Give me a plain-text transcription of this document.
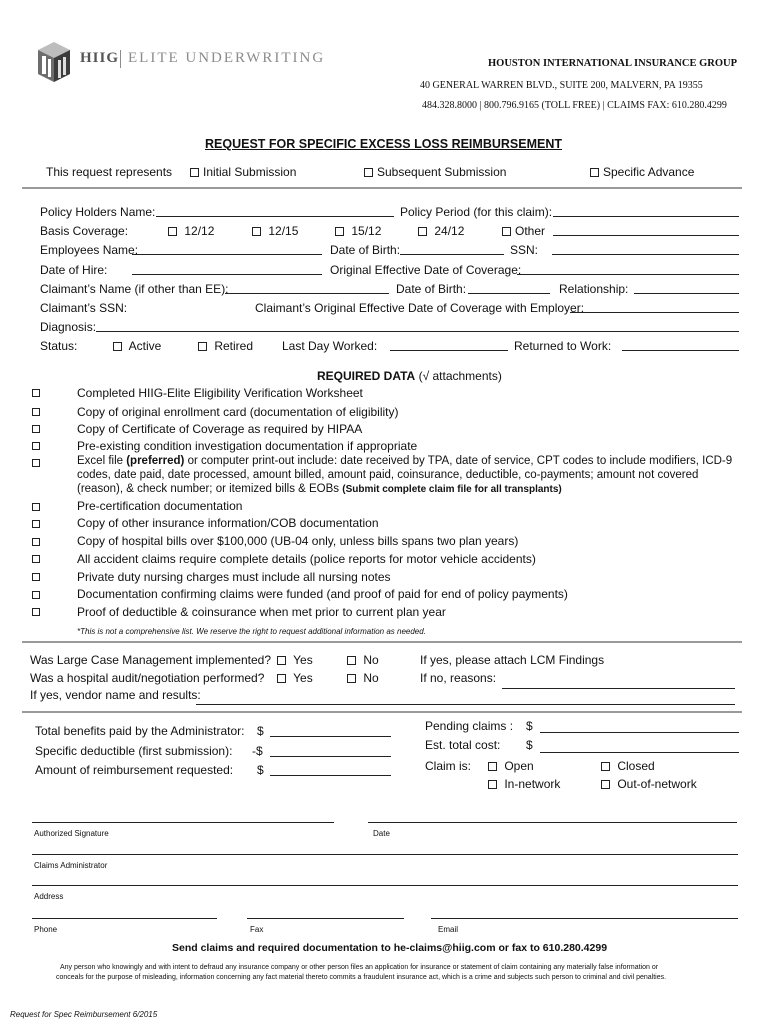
HIIG ELITE UNDERWRITING	HOUSTON INTERNATIONAL INSURANCE GROUP
40 GENERAL WARREN BLVD., SUITE 200, MALVERN, PA 19355
484.328.8000 | 800.796.9165 (TOLL FREE) | CLAIMS FAX: 610.280.4299
REQUEST FOR SPECIFIC EXCESS LOSS REIMBURSEMENT
This request represents	Initial Submission	Subsequent Submission	Specific Advance
Policy Holders Name:	Policy Period (for this claim):
Basis Coverage:	12/12	12/15	15/12	24/12	Other
Employees Name:	Date of Birth:	SSN:
Date of Hire:	Original Effective Date of Coverage:
Claimant’s Name (if other than EE):	Date of Birth:	Relationship:
Claimant’s SSN:	Claimant’s Original Effective Date of Coverage with Employer:
Diagnosis:
Status:	Active	Retired Last Day Worked:	Returned to Work:
REQUIRED DATA (√ attachments)
Completed HIIG-Elite Eligibility Verification Worksheet
Copy of original enrollment card (documentation of eligibility)
Copy of Certificate of Coverage as required by HIPAA
Pre-existing condition investigation documentation if appropriate
Excel file (preferred) or computer print-out include: date received by TPA, date of service, CPT codes to include modifiers, ICD-9
codes, date paid, date processed, amount billed, amount paid, coinsurance, deductible, co-payments; amount not covered
(reason), & check number; or itemized bills & EOBs (Submit complete claim file for all transplants)
Pre-certification documentation
Copy of other insurance information/COB documentation
Copy of hospital bills over $100,000 (UB-04 only, unless bills spans two plan years)
All accident claims require complete details (police reports for motor vehicle accidents)
Private duty nursing charges must include all nursing notes
Documentation confirming claims were funded (and proof of paid for end of policy payments)
Proof of deductible & coinsurance when met prior to current plan year
*This is not a comprehensive list. We reserve the right to request additional information as needed.
Was Large Case Management implemented?	Yes	No	If yes, please attach LCM Findings
Was a hospital audit/negotiation performed?	Yes	No	If no, reasons:
If yes, vendor name and results:
Total benefits paid by the Administrator: $
Specific deductible (first submission): -$
Amount of reimbursement requested: $
Pending claims : $
Est. total cost: $
Claim is:	Open	Closed
In-network	Out-of-network
Authorized Signature	Date
Claims Administrator
Address
Phone	Fax	Email
Send claims and required documentation to he-claims@hiig.com or fax to 610.280.4299
Any person who knowingly and with intent to defraud any insurance company or other person files an application for insurance or statement of claim containing any materially false information or
conceals for the purpose of misleading, information concerning any fact material thereto commits a fraudulent insurance act, which is a crime and subjects such person to criminal and civil penalties.
Request for Spec Reimbursement 6/2015
